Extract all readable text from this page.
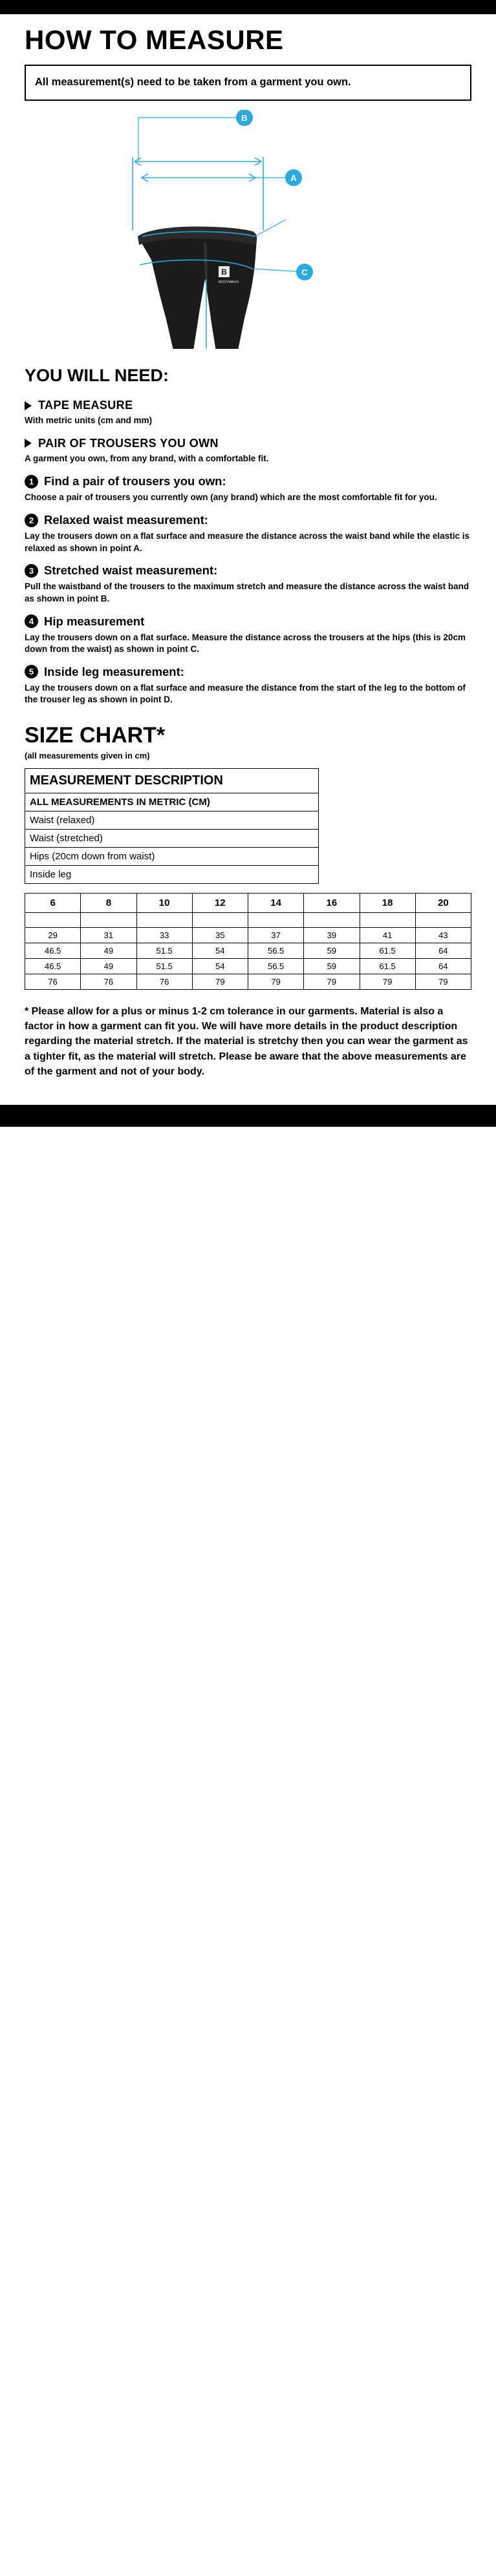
HOW TO MEASURE
All measurement(s) need to be taken from a garment you own.
B
BODYMAXX
B
A
C
YOU WILL NEED:
TAPE MEASURE
With metric units (cm and mm)
PAIR OF TROUSERS YOU OWN
A garment you own, from any brand, with a comfortable fit.
1 Find a pair of trousers you own:
Choose a pair of trousers you currently own (any brand) which are the most comfortable fit for you.
2 Relaxed waist measurement:
Lay the trousers down on a flat surface and measure the distance across the waist band while the elastic is relaxed as shown in point A.
3 Stretched waist measurement:
Pull the waistband of the trousers to the maximum stretch and measure the distance across the waist band as shown in point B.
4 Hip measurement
Lay the trousers down on a flat surface. Measure the distance across the trousers at the hips (this is 20cm down from the waist) as shown in point C.
5 Inside leg measurement:
Lay the trousers down on a flat surface and measure the distance from the start of the leg to the bottom of the trouser leg as shown in point D.
SIZE CHART*
(all measurements given in cm)
MEASUREMENT DESCRIPTION
ALL MEASUREMENTS IN METRIC (CM)
Waist (relaxed)
Waist (stretched)
Hips (20cm down from waist)
Inside leg
6	8	10	12	14	16	18	20

29	31	33	35	37	39	41	43
46.5	49	51.5	54	56.5	59	61.5	64
46.5	49	51.5	54	56.5	59	61.5	64
76	76	76	79	79	79	79	79
* Please allow for a plus or minus 1-2 cm tolerance in our garments. Material is also a factor in how a garment can fit you. We will have more details in the product description regarding the material stretch. If the material is stretchy then you can wear the garment as a tighter fit, as the material will stretch. Please be aware that the above measurements are of the garment and not of your body.
